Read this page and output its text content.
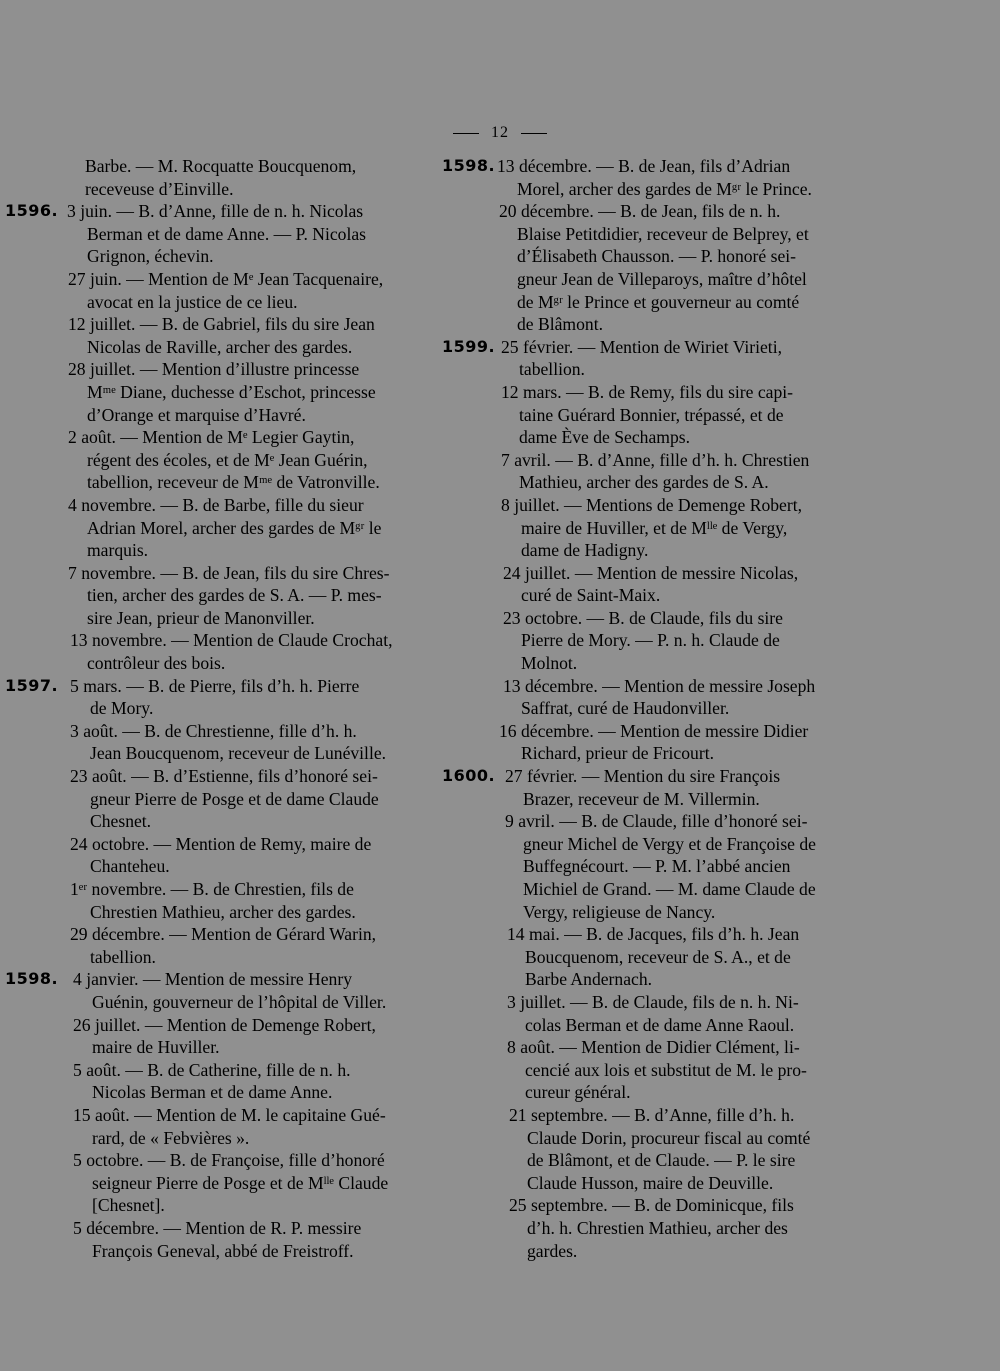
12
Barbe. — M. Rocquatte Boucquenom,
receveuse d’Einville.
1596. 3 juin. — B. d’Anne, fille de n. h. Nicolas
Berman et de dame Anne. — P. Nicolas
Grignon, échevin.
27 juin. — Mention de Mᵉ Jean Tacquenaire,
avocat en la justice de ce lieu.
12 juillet. — B. de Gabriel, fils du sire Jean
Nicolas de Raville, archer des gardes.
28 juillet. — Mention d’illustre princesse
Mᵐᵉ Diane, duchesse d’Eschot, princesse
d’Orange et marquise d’Havré.
2 août. — Mention de Mᵉ Legier Gaytin,
régent des écoles, et de Mᵉ Jean Guérin,
tabellion, receveur de Mᵐᵉ de Vatronville.
4 novembre. — B. de Barbe, fille du sieur
Adrian Morel, archer des gardes de Mᵍʳ le
marquis.
7 novembre. — B. de Jean, fils du sire Chres-
tien, archer des gardes de S. A. — P. mes-
sire Jean, prieur de Manonviller.
13 novembre. — Mention de Claude Crochat,
contrôleur des bois.
1597. 5 mars. — B. de Pierre, fils d’h. h. Pierre
de Mory.
3 août. — B. de Chrestienne, fille d’h. h.
Jean Boucquenom, receveur de Lunéville.
23 août. — B. d’Estienne, fils d’honoré sei-
gneur Pierre de Posge et de dame Claude
Chesnet.
24 octobre. — Mention de Remy, maire de
Chanteheu.
1ᵉʳ novembre. — B. de Chrestien, fils de
Chrestien Mathieu, archer des gardes.
29 décembre. — Mention de Gérard Warin,
tabellion.
1598. 4 janvier. — Mention de messire Henry
Guénin, gouverneur de l’hôpital de Viller.
26 juillet. — Mention de Demenge Robert,
maire de Huviller.
5 août. — B. de Catherine, fille de n. h.
Nicolas Berman et de dame Anne.
15 août. — Mention de M. le capitaine Gué-
rard, de « Febvières ».
5 octobre. — B. de Françoise, fille d’honoré
seigneur Pierre de Posge et de Mˡˡᵉ Claude
[Chesnet].
5 décembre. — Mention de R. P. messire
François Geneval, abbé de Freistroff.
1598. 13 décembre. — B. de Jean, fils d’Adrian
Morel, archer des gardes de Mᵍʳ le Prince.
20 décembre. — B. de Jean, fils de n. h.
Blaise Petitdidier, receveur de Belprey, et
d’Élisabeth Chausson. — P. honoré sei-
gneur Jean de Villeparoys, maître d’hôtel
de Mᵍʳ le Prince et gouverneur au comté
de Blâmont.
1599. 25 février. — Mention de Wiriet Virieti,
tabellion.
12 mars. — B. de Remy, fils du sire capi-
taine Guérard Bonnier, trépassé, et de
dame Ève de Sechamps.
7 avril. — B. d’Anne, fille d’h. h. Chrestien
Mathieu, archer des gardes de S. A.
8 juillet. — Mentions de Demenge Robert,
maire de Huviller, et de Mˡˡᵉ de Vergy,
dame de Hadigny.
24 juillet. — Mention de messire Nicolas,
curé de Saint-Maix.
23 octobre. — B. de Claude, fils du sire
Pierre de Mory. — P. n. h. Claude de
Molnot.
13 décembre. — Mention de messire Joseph
Saffrat, curé de Haudonviller.
16 décembre. — Mention de messire Didier
Richard, prieur de Fricourt.
1600. 27 février. — Mention du sire François
Brazer, receveur de M. Villermin.
9 avril. — B. de Claude, fille d’honoré sei-
gneur Michel de Vergy et de Françoise de
Buffegnécourt. — P. M. l’abbé ancien
Michiel de Grand. — M. dame Claude de
Vergy, religieuse de Nancy.
14 mai. — B. de Jacques, fils d’h. h. Jean
Boucquenom, receveur de S. A., et de
Barbe Andernach.
3 juillet. — B. de Claude, fils de n. h. Ni-
colas Berman et de dame Anne Raoul.
8 août. — Mention de Didier Clément, li-
cencié aux lois et substitut de M. le pro-
cureur général.
21 septembre. — B. d’Anne, fille d’h. h.
Claude Dorin, procureur fiscal au comté
de Blâmont, et de Claude. — P. le sire
Claude Husson, maire de Deuville.
25 septembre. — B. de Dominicque, fils
d’h. h. Chrestien Mathieu, archer des
gardes.
